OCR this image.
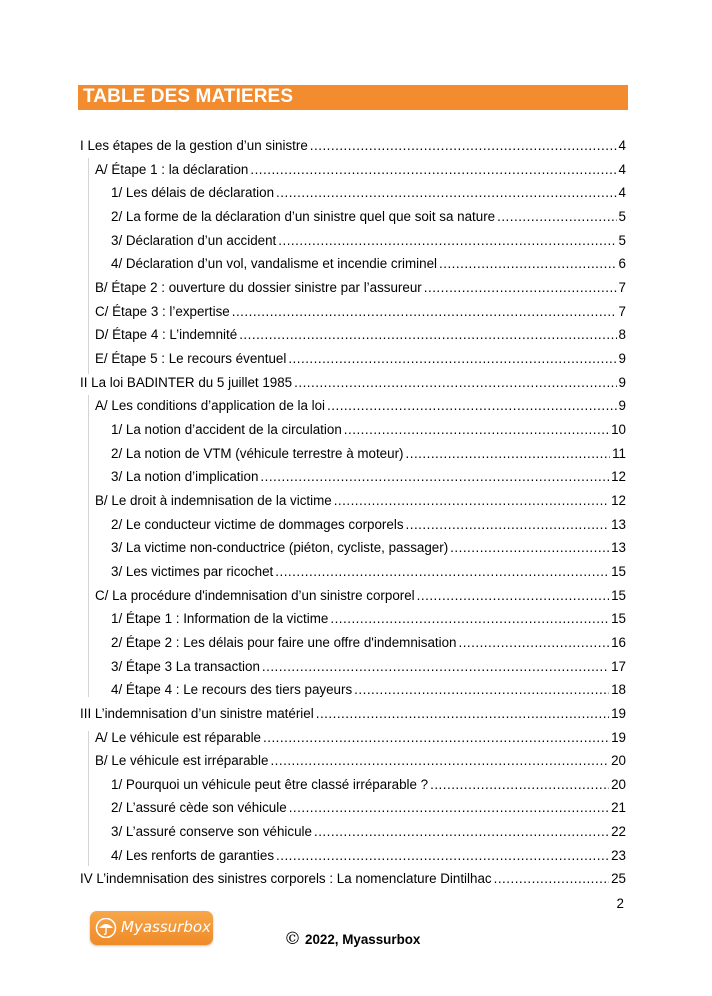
TABLE DES MATIERES
I Les étapes de la gestion d’un sinistre .....	4
A/ Étape 1 : la déclaration .....	4
1/ Les délais de déclaration .....	4
2/ La forme de la déclaration d’un sinistre quel que soit sa nature .....	5
3/ Déclaration d’un accident .....	5
4/ Déclaration d’un vol, vandalisme et incendie criminel .....	6
B/ Étape 2 : ouverture du dossier sinistre par l’assureur .....	7
C/ Étape 3 : l’expertise .....	7
D/ Étape 4 : L’indemnité .....	8
E/ Étape 5 : Le recours éventuel .....	9
II La loi BADINTER du 5 juillet 1985 .....	9
A/ Les conditions d’application de la loi .....	9
1/ La notion d’accident de la circulation .....	10
2/ La notion de VTM (véhicule terrestre à moteur) .....	11
3/ La notion d’implication .....	12
B/ Le droit à indemnisation de la victime .....	12
2/ Le conducteur victime de dommages corporels .....	13
3/ La victime non-conductrice (piéton, cycliste, passager) .....	13
3/ Les victimes par ricochet .....	15
C/ La procédure d'indemnisation d’un sinistre corporel .....	15
1/ Étape 1 : Information de la victime .....	15
2/ Étape 2 : Les délais pour faire une offre d'indemnisation .....	16
3/ Étape 3 La transaction .....	17
4/ Étape 4 : Le recours des tiers payeurs .....	18
III L’indemnisation d’un sinistre matériel .....	19
A/ Le véhicule est réparable .....	19
B/ Le véhicule est irréparable .....	20
1/ Pourquoi un véhicule peut être classé irréparable ? .....	20
2/ L’assuré cède son véhicule .....	21
3/ L’assuré conserve son véhicule .....	22
4/ Les renforts de garanties .....	23
IV L’indemnisation des sinistres corporels : La nomenclature Dintilhac .....	25
2
Myassurbox
© 2022, Myassurbox
